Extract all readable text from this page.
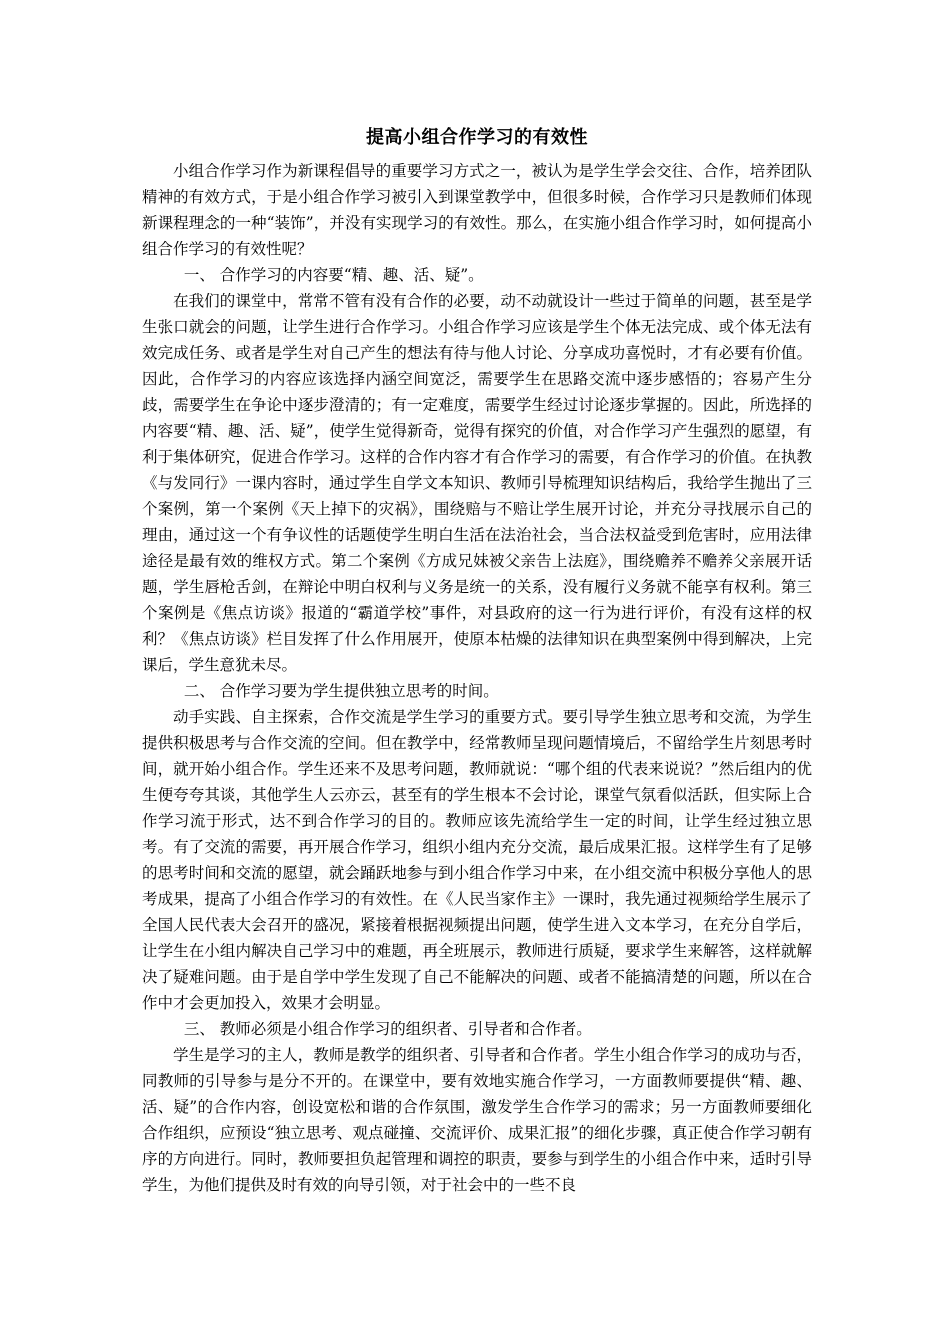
提高小组合作学习的有效性

小组合作学习作为新课程倡导的重要学习方式之一，被认为是学生学会交往、合作，培养团队精神的有效方式，于是小组合作学习被引入到课堂教学中，但很多时候，合作学习只是教师们体现新课程理念的一种“装饰”，并没有实现学习的有效性。那么，在实施小组合作学习时，如何提高小组合作学习的有效性呢？

一、 合作学习的内容要“精、趣、活、疑”。

在我们的课堂中，常常不管有没有合作的必要，动不动就设计一些过于简单的问题，甚至是学生张口就会的问题，让学生进行合作学习。小组合作学习应该是学生个体无法完成、或个体无法有效完成任务、或者是学生对自己产生的想法有待与他人讨论、分享成功喜悦时，才有必要有价值。因此，合作学习的内容应该选择内涵空间宽泛，需要学生在思路交流中逐步感悟的；容易产生分歧，需要学生在争论中逐步澄清的；有一定难度，需要学生经过讨论逐步掌握的。因此，所选择的内容要“精、趣、活、疑”，使学生觉得新奇，觉得有探究的价值，对合作学习产生强烈的愿望，有利于集体研究，促进合作学习。这样的合作内容才有合作学习的需要，有合作学习的价值。在执教《与发同行》一课内容时，通过学生自学文本知识、教师引导梳理知识结构后，我给学生抛出了三个案例，第一个案例《天上掉下的灾祸》，围绕赔与不赔让学生展开讨论，并充分寻找展示自己的理由，通过这一个有争议性的话题使学生明白生活在法治社会，当合法权益受到危害时，应用法律途径是最有效的维权方式。第二个案例《方成兄妹被父亲告上法庭》，围绕赡养不赡养父亲展开话题，学生唇枪舌剑，在辩论中明白权利与义务是统一的关系，没有履行义务就不能享有权利。第三个案例是《焦点访谈》报道的“霸道学校”事件，对县政府的这一行为进行评价，有没有这样的权利？《焦点访谈》栏目发挥了什么作用展开，使原本枯燥的法律知识在典型案例中得到解决，上完课后，学生意犹未尽。

二、 合作学习要为学生提供独立思考的时间。

动手实践、自主探索，合作交流是学生学习的重要方式。要引导学生独立思考和交流，为学生提供积极思考与合作交流的空间。但在教学中，经常教师呈现问题情境后，不留给学生片刻思考时间，就开始小组合作。学生还来不及思考问题，教师就说：“哪个组的代表来说说？”然后组内的优生便夸夸其谈，其他学生人云亦云，甚至有的学生根本不会讨论，课堂气氛看似活跃，但实际上合作学习流于形式，达不到合作学习的目的。教师应该先流给学生一定的时间，让学生经过独立思考。有了交流的需要，再开展合作学习，组织小组内充分交流，最后成果汇报。这样学生有了足够的思考时间和交流的愿望，就会踊跃地参与到小组合作学习中来，在小组交流中积极分享他人的思考成果，提高了小组合作学习的有效性。在《人民当家作主》一课时，我先通过视频给学生展示了全国人民代表大会召开的盛况，紧接着根据视频提出问题，使学生进入文本学习，在充分自学后，让学生在小组内解决自己学习中的难题，再全班展示，教师进行质疑，要求学生来解答，这样就解决了疑难问题。由于是自学中学生发现了自己不能解决的问题、或者不能搞清楚的问题，所以在合作中才会更加投入，效果才会明显。

三、 教师必须是小组合作学习的组织者、引导者和合作者。

学生是学习的主人，教师是教学的组织者、引导者和合作者。学生小组合作学习的成功与否，同教师的引导参与是分不开的。在课堂中，要有效地实施合作学习，一方面教师要提供“精、趣、活、疑”的合作内容，创设宽松和谐的合作氛围，激发学生合作学习的需求；另一方面教师要细化合作组织，应预设“独立思考、观点碰撞、交流评价、成果汇报”的细化步骤，真正使合作学习朝有序的方向进行。同时，教师要担负起管理和调控的职责，要参与到学生的小组合作中来，适时引导学生，为他们提供及时有效的向导引领，对于社会中的一些不良
